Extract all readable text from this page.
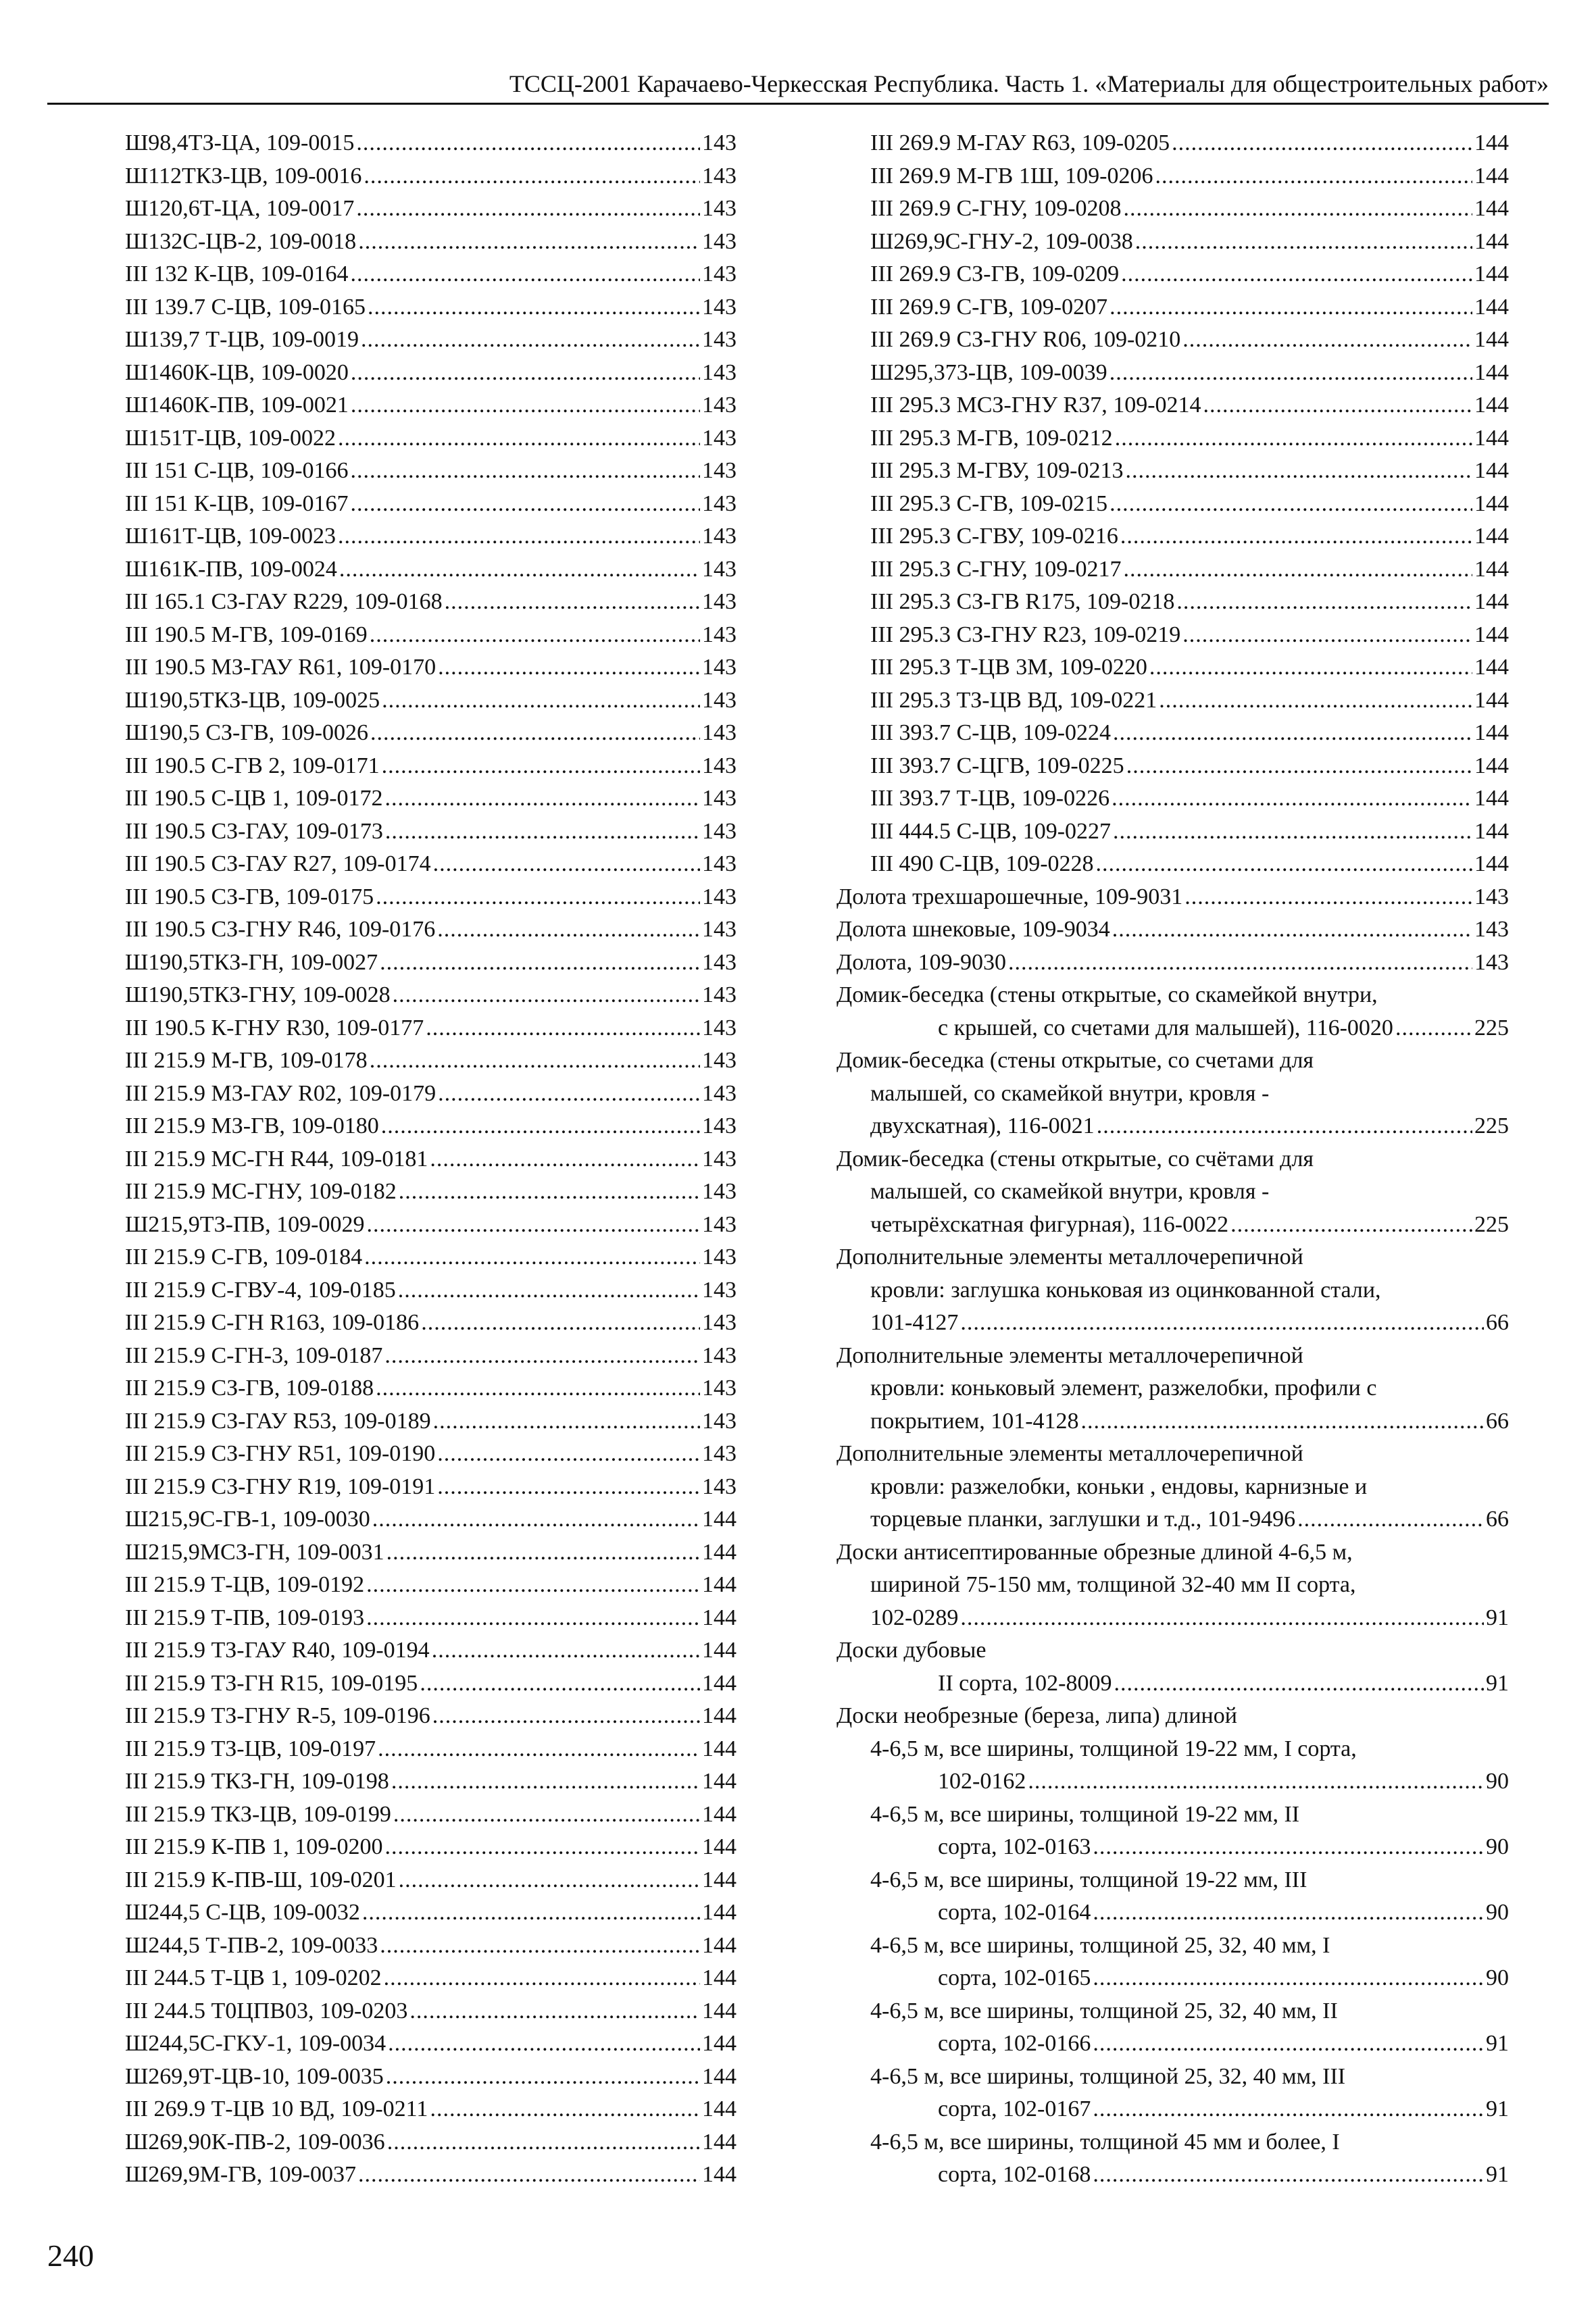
ТССЦ-2001 Карачаево-Черкесская Республика. Часть 1. «Материалы для общестроительных работ»
Ш98,4ТЗ-ЦА, 109-0015 .....	143
Ш112ТКЗ-ЦВ, 109-0016 .....	143
Ш120,6Т-ЦА, 109-0017 .....	143
Ш132С-ЦВ-2, 109-0018 .....	143
III 132 К-ЦВ, 109-0164 .....	143
III 139.7 С-ЦВ, 109-0165 .....	143
Ш139,7 Т-ЦВ, 109-0019 .....	143
Ш1460К-ЦВ, 109-0020 .....	143
Ш1460К-ПВ, 109-0021 .....	143
Ш151Т-ЦВ, 109-0022 .....	143
III 151 С-ЦВ, 109-0166 .....	143
III 151 К-ЦВ, 109-0167 .....	143
Ш161Т-ЦВ, 109-0023 .....	143
Ш161К-ПВ, 109-0024 .....	143
III 165.1 СЗ-ГАУ R229, 109-0168 .....	143
III 190.5 М-ГВ, 109-0169 .....	143
III 190.5 МЗ-ГАУ R61, 109-0170 .....	143
Ш190,5ТКЗ-ЦВ, 109-0025 .....	143
Ш190,5 СЗ-ГВ, 109-0026 .....	143
III 190.5 С-ГВ 2, 109-0171 .....	143
III 190.5 С-ЦВ 1, 109-0172 .....	143
III 190.5 СЗ-ГАУ, 109-0173 .....	143
III 190.5 СЗ-ГАУ R27, 109-0174 .....	143
III 190.5 СЗ-ГВ, 109-0175 .....	143
III 190.5 СЗ-ГНУ R46, 109-0176 .....	143
Ш190,5ТКЗ-ГН, 109-0027 .....	143
Ш190,5ТКЗ-ГНУ, 109-0028 .....	143
III 190.5 К-ГНУ R30, 109-0177 .....	143
III 215.9 М-ГВ, 109-0178 .....	143
III 215.9 МЗ-ГАУ R02, 109-0179 .....	143
III 215.9 МЗ-ГВ, 109-0180 .....	143
III 215.9 МС-ГН R44, 109-0181 .....	143
III 215.9 МС-ГНУ, 109-0182 .....	143
Ш215,9ТЗ-ПВ, 109-0029 .....	143
III 215.9 С-ГВ, 109-0184 .....	143
III 215.9 С-ГВУ-4, 109-0185 .....	143
III 215.9 С-ГН R163, 109-0186 .....	143
III 215.9 С-ГН-3, 109-0187 .....	143
III 215.9 СЗ-ГВ, 109-0188 .....	143
III 215.9 СЗ-ГАУ R53, 109-0189 .....	143
III 215.9 СЗ-ГНУ R51, 109-0190 .....	143
III 215.9 СЗ-ГНУ R19, 109-0191 .....	143
Ш215,9С-ГВ-1, 109-0030 .....	144
Ш215,9МСЗ-ГН, 109-0031 .....	144
III 215.9 Т-ЦВ, 109-0192 .....	144
III 215.9 Т-ПВ, 109-0193 .....	144
III 215.9 ТЗ-ГАУ R40, 109-0194 .....	144
III 215.9 ТЗ-ГН R15, 109-0195 .....	144
III 215.9 ТЗ-ГНУ R-5, 109-0196 .....	144
III 215.9 ТЗ-ЦВ, 109-0197 .....	144
III 215.9 ТКЗ-ГН, 109-0198 .....	144
III 215.9 ТКЗ-ЦВ, 109-0199 .....	144
III 215.9 К-ПВ 1, 109-0200 .....	144
III 215.9 К-ПВ-Ш, 109-0201 .....	144
Ш244,5 С-ЦВ, 109-0032 .....	144
Ш244,5 Т-ПВ-2, 109-0033 .....	144
III 244.5 Т-ЦВ 1, 109-0202 .....	144
III 244.5 Т0ЦПВ03, 109-0203 .....	144
Ш244,5С-ГКУ-1, 109-0034 .....	144
Ш269,9Т-ЦВ-10, 109-0035 .....	144
III 269.9 Т-ЦВ 10 ВД, 109-0211 .....	144
Ш269,90К-ПВ-2, 109-0036 .....	144
Ш269,9М-ГВ, 109-0037 .....	144
III 269.9 М-ГАУ R63, 109-0205 .....	144
III 269.9 М-ГВ 1Ш, 109-0206 .....	144
III 269.9 С-ГНУ, 109-0208 .....	144
Ш269,9С-ГНУ-2, 109-0038 .....	144
III 269.9 СЗ-ГВ, 109-0209 .....	144
III 269.9 С-ГВ, 109-0207 .....	144
III 269.9 СЗ-ГНУ R06, 109-0210 .....	144
Ш295,373-ЦВ, 109-0039 .....	144
III 295.3 МСЗ-ГНУ R37, 109-0214 .....	144
III 295.3 М-ГВ, 109-0212 .....	144
III 295.3 М-ГВУ, 109-0213 .....	144
III 295.3 С-ГВ, 109-0215 .....	144
III 295.3 С-ГВУ, 109-0216 .....	144
III 295.3 С-ГНУ, 109-0217 .....	144
III 295.3 СЗ-ГВ R175, 109-0218 .....	144
III 295.3 СЗ-ГНУ R23, 109-0219 .....	144
III 295.3 Т-ЦВ 3М, 109-0220 .....	144
III 295.3 ТЗ-ЦВ ВД, 109-0221 .....	144
III 393.7 С-ЦВ, 109-0224 .....	144
III 393.7 С-ЦГВ, 109-0225 .....	144
III 393.7 Т-ЦВ, 109-0226 .....	144
III 444.5 С-ЦВ, 109-0227 .....	144
III 490 С-ЦВ, 109-0228 .....	144
Долота трехшарошечные, 109-9031 .....	143
Долота шнековые, 109-9034 .....	143
Долота, 109-9030 .....	143
Домик-беседка (стены открытые, со скамейкой внутри,
с крышей, со счетами для малышей), 116-0020 .....	225
Домик-беседка (стены открытые, со счетами для
малышей, со скамейкой внутри, кровля -
двухскатная), 116-0021 .....	225
Домик-беседка (стены открытые, со счётами для
малышей, со скамейкой внутри, кровля -
четырёхскатная фигурная), 116-0022 .....	225
Дополнительные элементы металлочерепичной
кровли: заглушка коньковая из оцинкованной стали,
101-4127 .....	66
Дополнительные элементы металлочерепичной
кровли: коньковый элемент, разжелобки, профили с
покрытием, 101-4128 .....	66
Дополнительные элементы металлочерепичной
кровли: разжелобки, коньки , ендовы, карнизные и
торцевые планки, заглушки и т.д., 101-9496 .....	66
Доски антисептированные обрезные длиной 4-6,5 м,
шириной 75-150 мм, толщиной 32-40 мм II сорта,
102-0289 .....	91
Доски дубовые
II сорта, 102-8009 .....	91
Доски необрезные (береза, липа) длиной
4-6,5 м, все ширины, толщиной 19-22 мм, I сорта,
102-0162 .....	90
4-6,5 м, все ширины, толщиной 19-22 мм, II
сорта, 102-0163 .....	90
4-6,5 м, все ширины, толщиной 19-22 мм, III
сорта, 102-0164 .....	90
4-6,5 м, все ширины, толщиной 25, 32, 40 мм, I
сорта, 102-0165 .....	90
4-6,5 м, все ширины, толщиной 25, 32, 40 мм, II
сорта, 102-0166 .....	91
4-6,5 м, все ширины, толщиной 25, 32, 40 мм, III
сорта, 102-0167 .....	91
4-6,5 м, все ширины, толщиной 45 мм и более, I
сорта, 102-0168 .....	91
240
